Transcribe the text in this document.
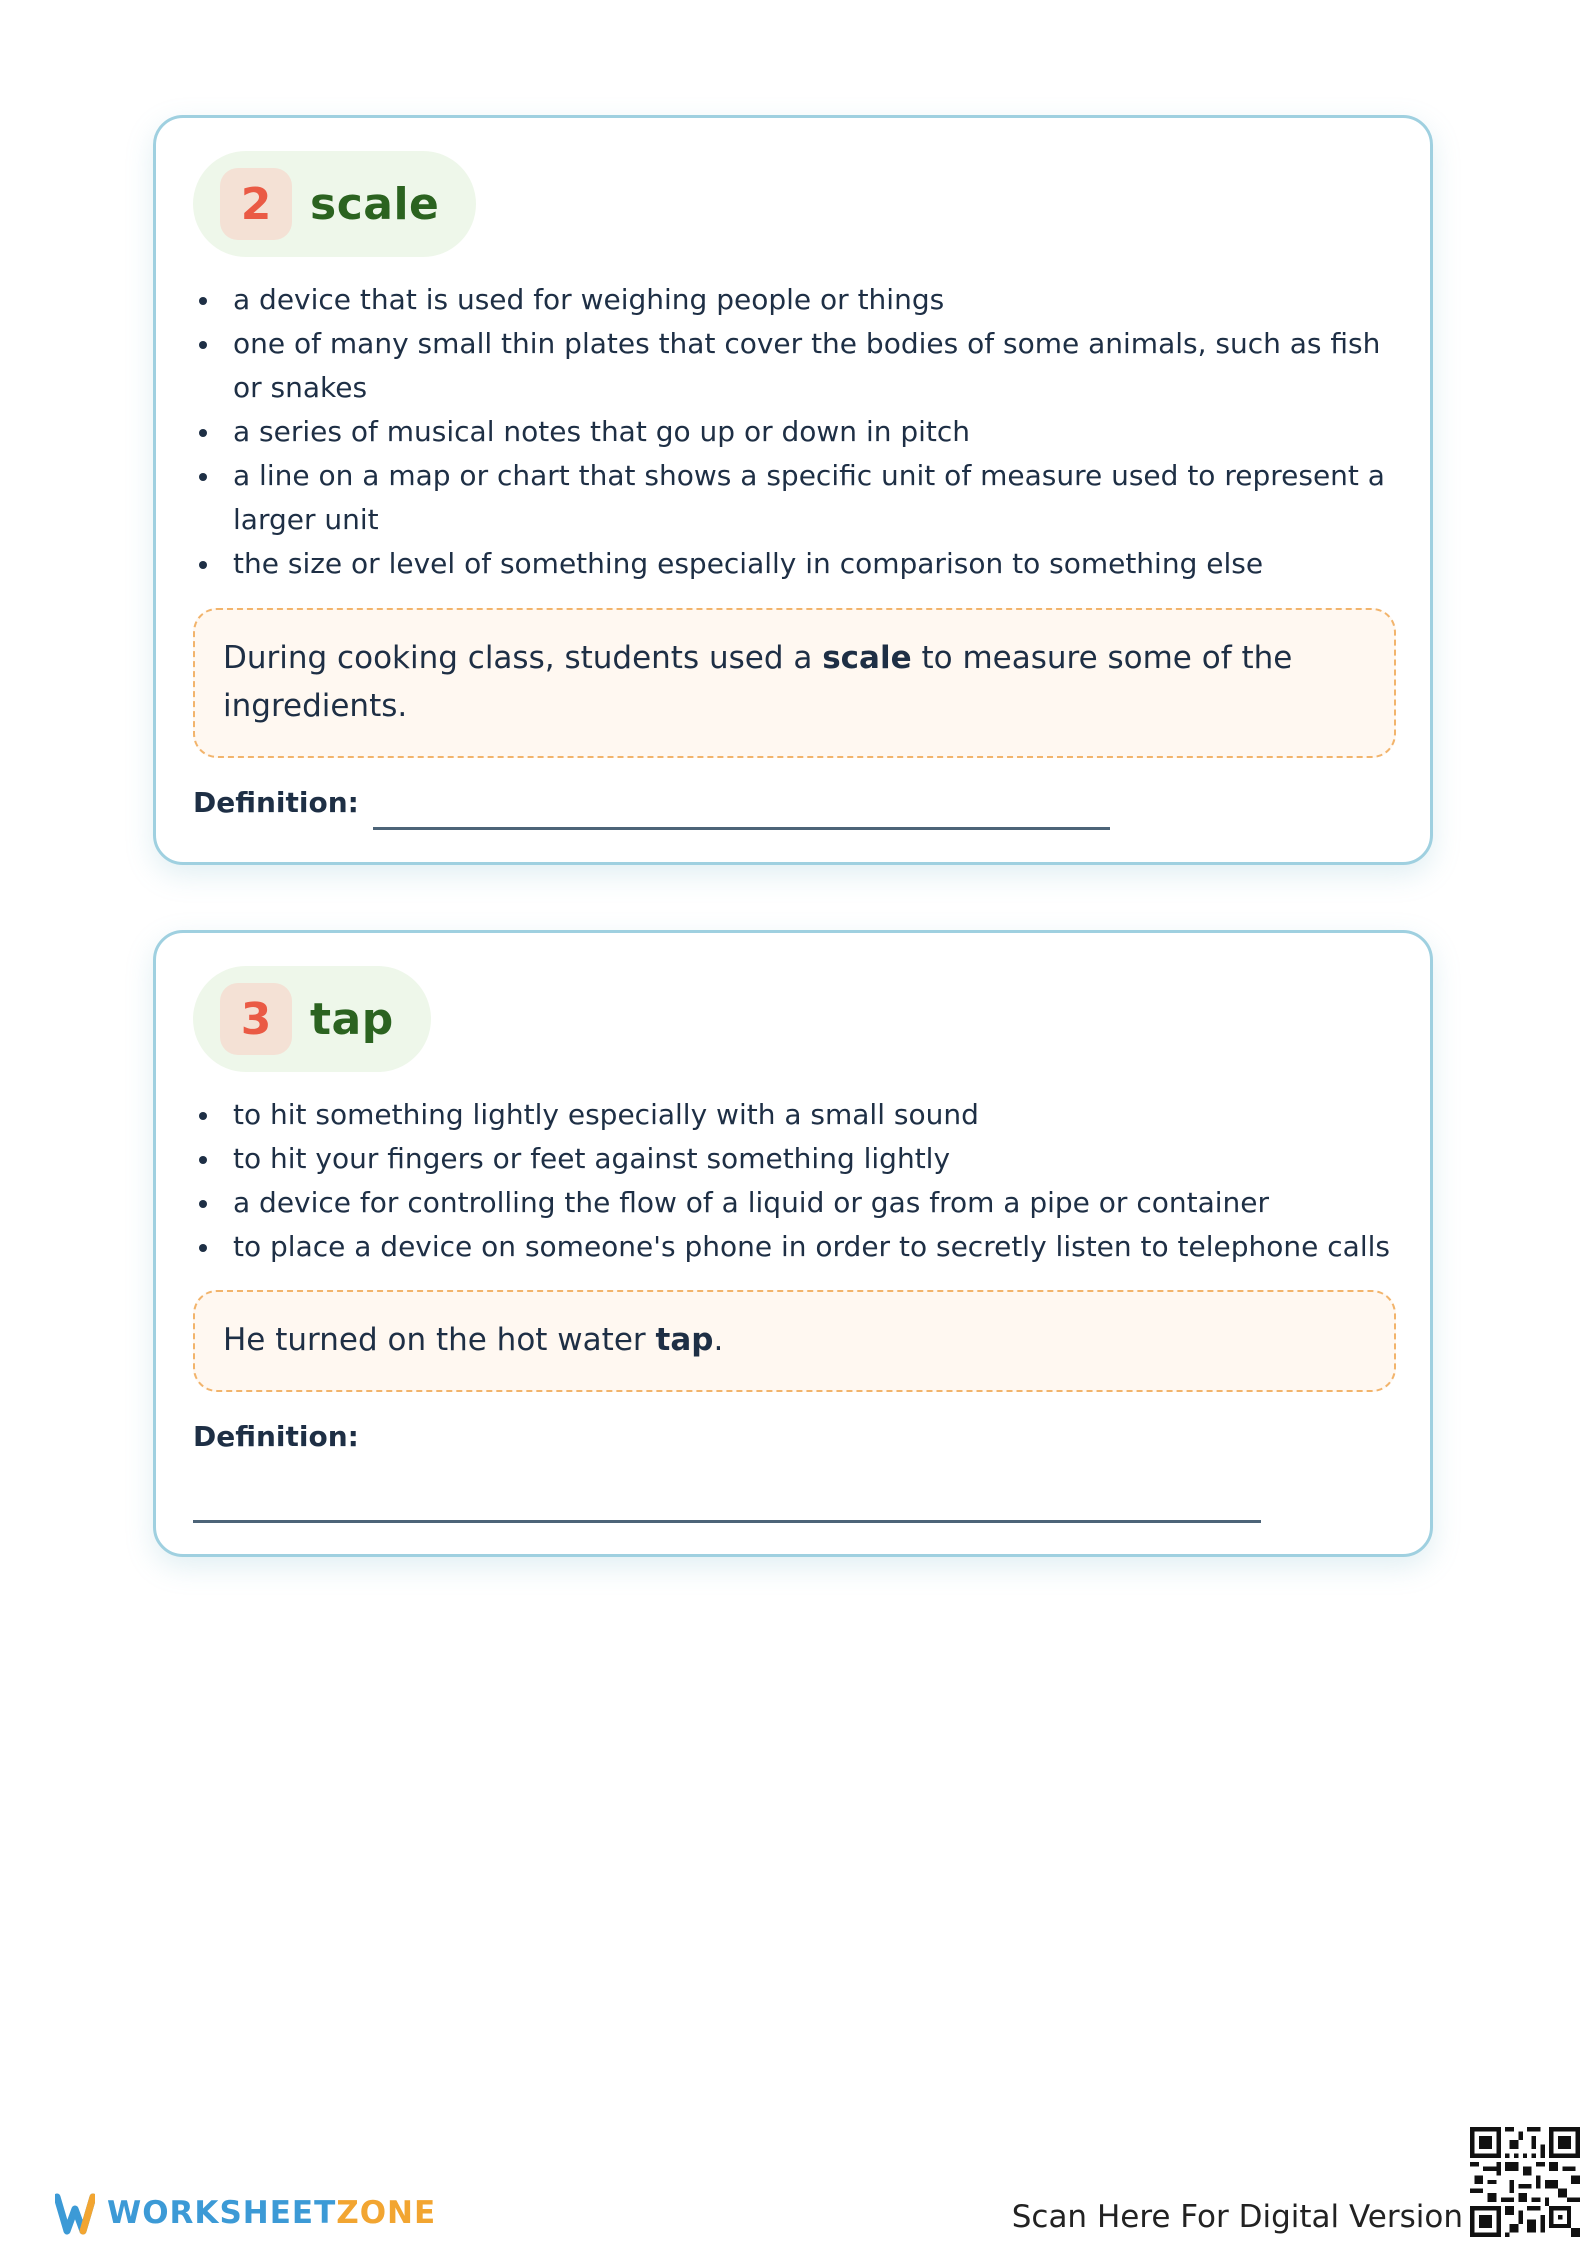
2 scale
a device that is used for weighing people or things
one of many small thin plates that cover the bodies of some animals, such as fish or snakes
a series of musical notes that go up or down in pitch
a line on a map or chart that shows a specific unit of measure used to represent a larger unit
the size or level of something especially in comparison to something else
During cooking class, students used a scale to measure some of the ingredients.
Definition:
3 tap
to hit something lightly especially with a small sound
to hit your fingers or feet against something lightly
a device for controlling the flow of a liquid or gas from a pipe or container
to place a device on someone's phone in order to secretly listen to telephone calls
He turned on the hot water tap.
Definition:
WORKSHEETZONE	Scan Here For Digital Version
